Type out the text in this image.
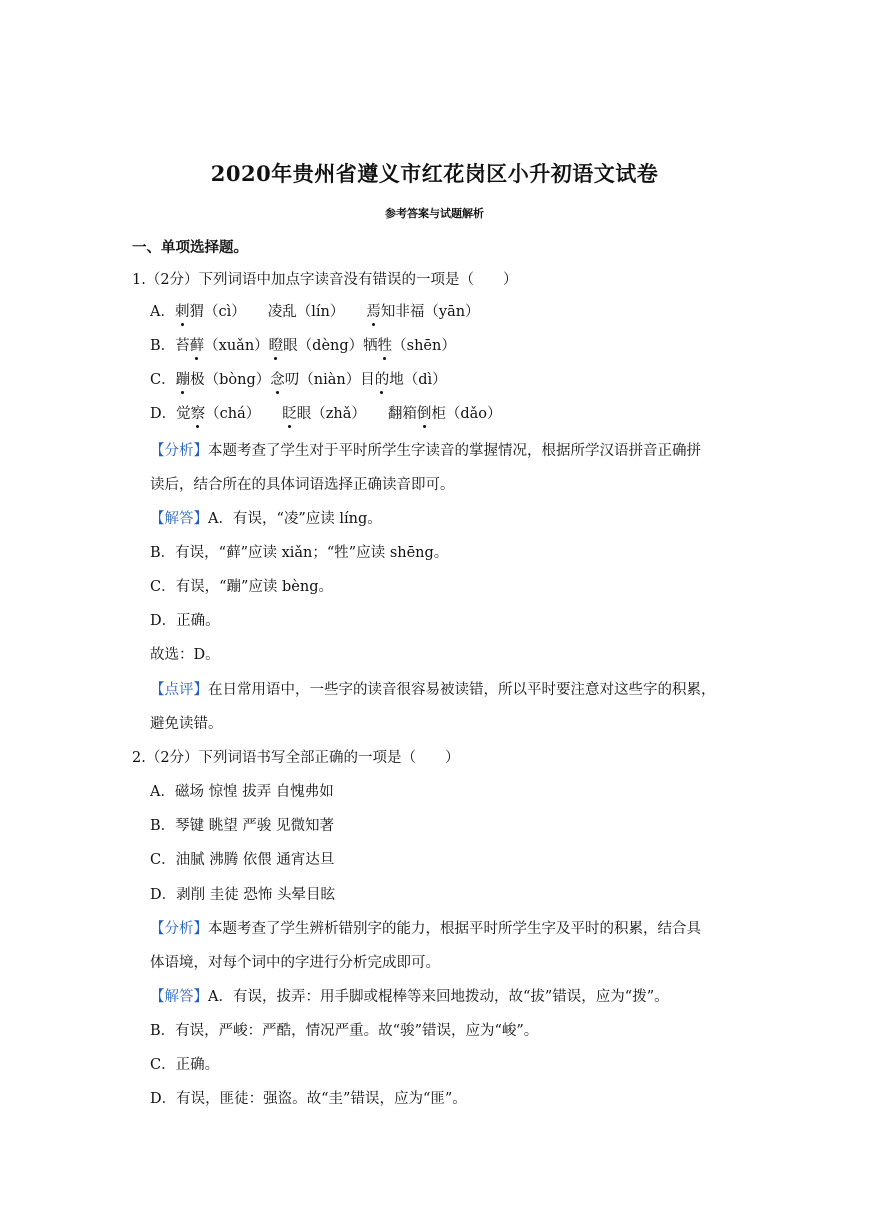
2020年贵州省遵义市红花岗区小升初语文试卷
参考答案与试题解析
一、单项选择题。
1.（2分）下列词语中加点字读音没有错误的一项是（　　）
A．刺猬（cì） 凌乱（lín） 焉知非福（yān）
B．苔藓（xuǎn）瞪眼（dèng）牺牲（shēn）
C．蹦极（bòng）念叨（niàn）目的地（dì）
D．觉察（chá） 眨眼（zhǎ） 翻箱倒柜（dǎo）
【分析】本题考查了学生对于平时所学生字读音的掌握情况，根据所学汉语拼音正确拼
读后，结合所在的具体词语选择正确读音即可。
【解答】A．有误，“凌”应读 líng。
B．有误，“藓”应读 xiǎn；“牲”应读 shēng。
C．有误，“蹦”应读 bèng。
D．正确。
故选：D。
【点评】在日常用语中，一些字的读音很容易被读错，所以平时要注意对这些字的积累，
避免读错。
2.（2分）下列词语书写全部正确的一项是（　　）
A．磁场 惊惶 拔弄 自愧弗如
B．琴键 眺望 严骏 见微知著
C．油腻 沸腾 依偎 通宵达旦
D．剥削 圭徒 恐怖 头晕目眩
【分析】本题考查了学生辨析错别字的能力，根据平时所学生字及平时的积累，结合具
体语境，对每个词中的字进行分析完成即可。
【解答】A．有误，拔弄：用手脚或棍棒等来回地拨动，故“拔”错误，应为“拨”。
B．有误，严峻：严酷，情况严重。故“骏”错误，应为“峻”。
C．正确。
D．有误，匪徒：强盗。故“圭”错误，应为“匪”。
